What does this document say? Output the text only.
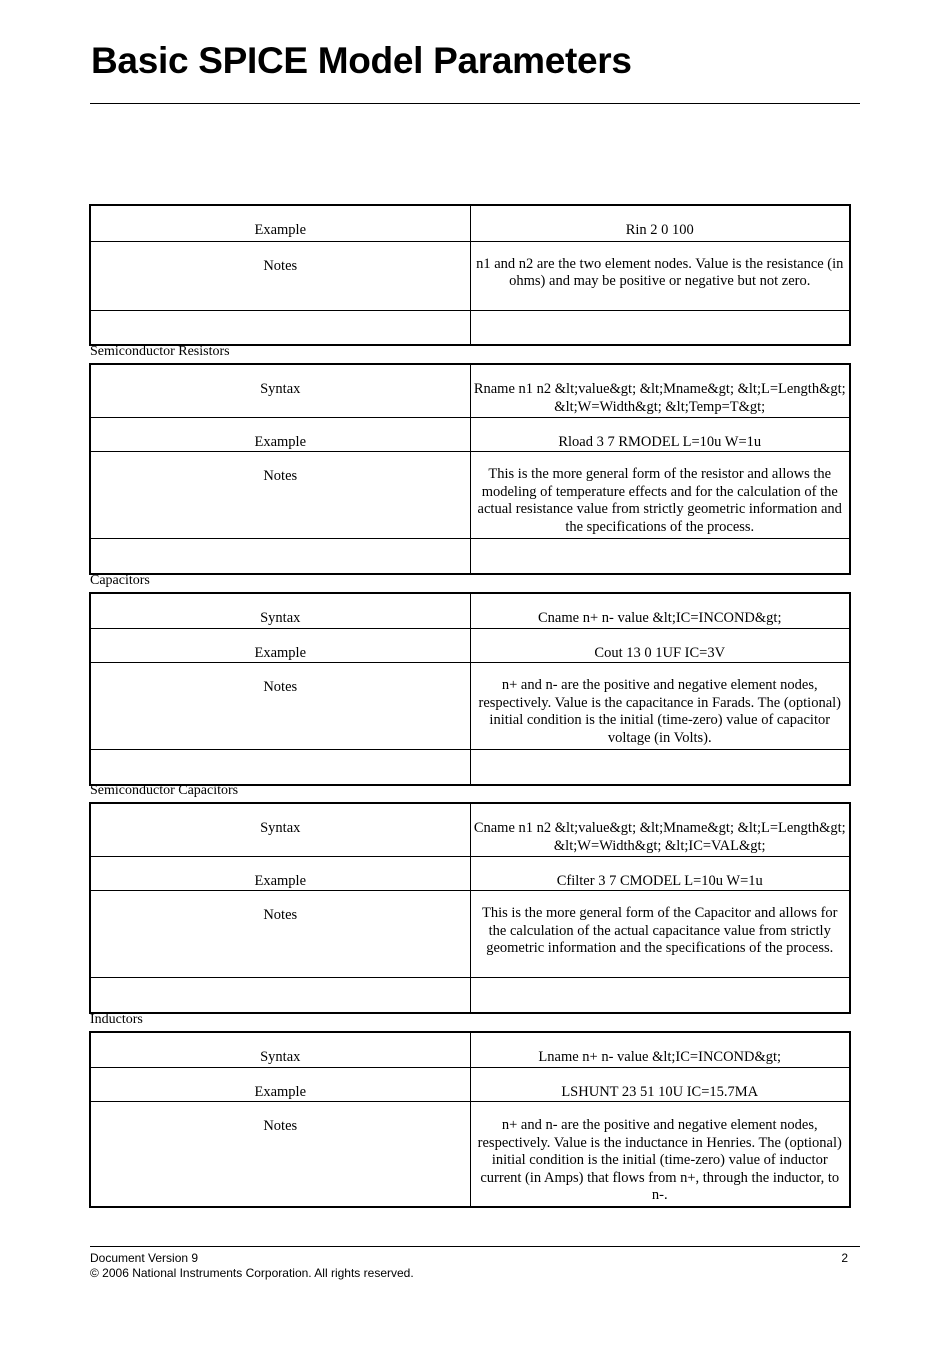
Basic SPICE Model Parameters
Example	Rin 2 0 100
Notes	n1 and n2 are the two element nodes. Value is the resistance (in ohms) and may be positive or negative but not zero.

Semiconductor Resistors
Syntax	Rname n1 n2 &lt;value&gt; &lt;Mname&gt; &lt;L=Length&gt; &lt;W=Width&gt; &lt;Temp=T&gt;
Example	Rload 3 7 RMODEL L=10u W=1u
Notes	This is the more general form of the resistor and allows the modeling of temperature effects and for the calculation of the actual resistance value from strictly geometric information and the specifications of the process.

Capacitors
Syntax	Cname n+ n- value &lt;IC=INCOND&gt;
Example	Cout 13 0 1UF IC=3V
Notes	n+ and n- are the positive and negative element nodes, respectively. Value is the capacitance in Farads. The (optional) initial condition is the initial (time-zero) value of capacitor voltage (in Volts).

Semiconductor Capacitors
Syntax	Cname n1 n2 &lt;value&gt; &lt;Mname&gt; &lt;L=Length&gt; &lt;W=Width&gt; &lt;IC=VAL&gt;
Example	Cfilter 3 7 CMODEL L=10u W=1u
Notes	This is the more general form of the Capacitor and allows for the calculation of the actual capacitance value from strictly geometric information and the specifications of the process.

Inductors
Syntax	Lname n+ n- value &lt;IC=INCOND&gt;
Example	LSHUNT 23 51 10U IC=15.7MA
Notes	n+ and n- are the positive and negative element nodes, respectively. Value is the inductance in Henries. The (optional) initial condition is the initial (time-zero) value of inductor current (in Amps) that flows from n+, through the inductor, to n-.
Document Version 9
© 2006 National Instruments Corporation. All rights reserved.
2
